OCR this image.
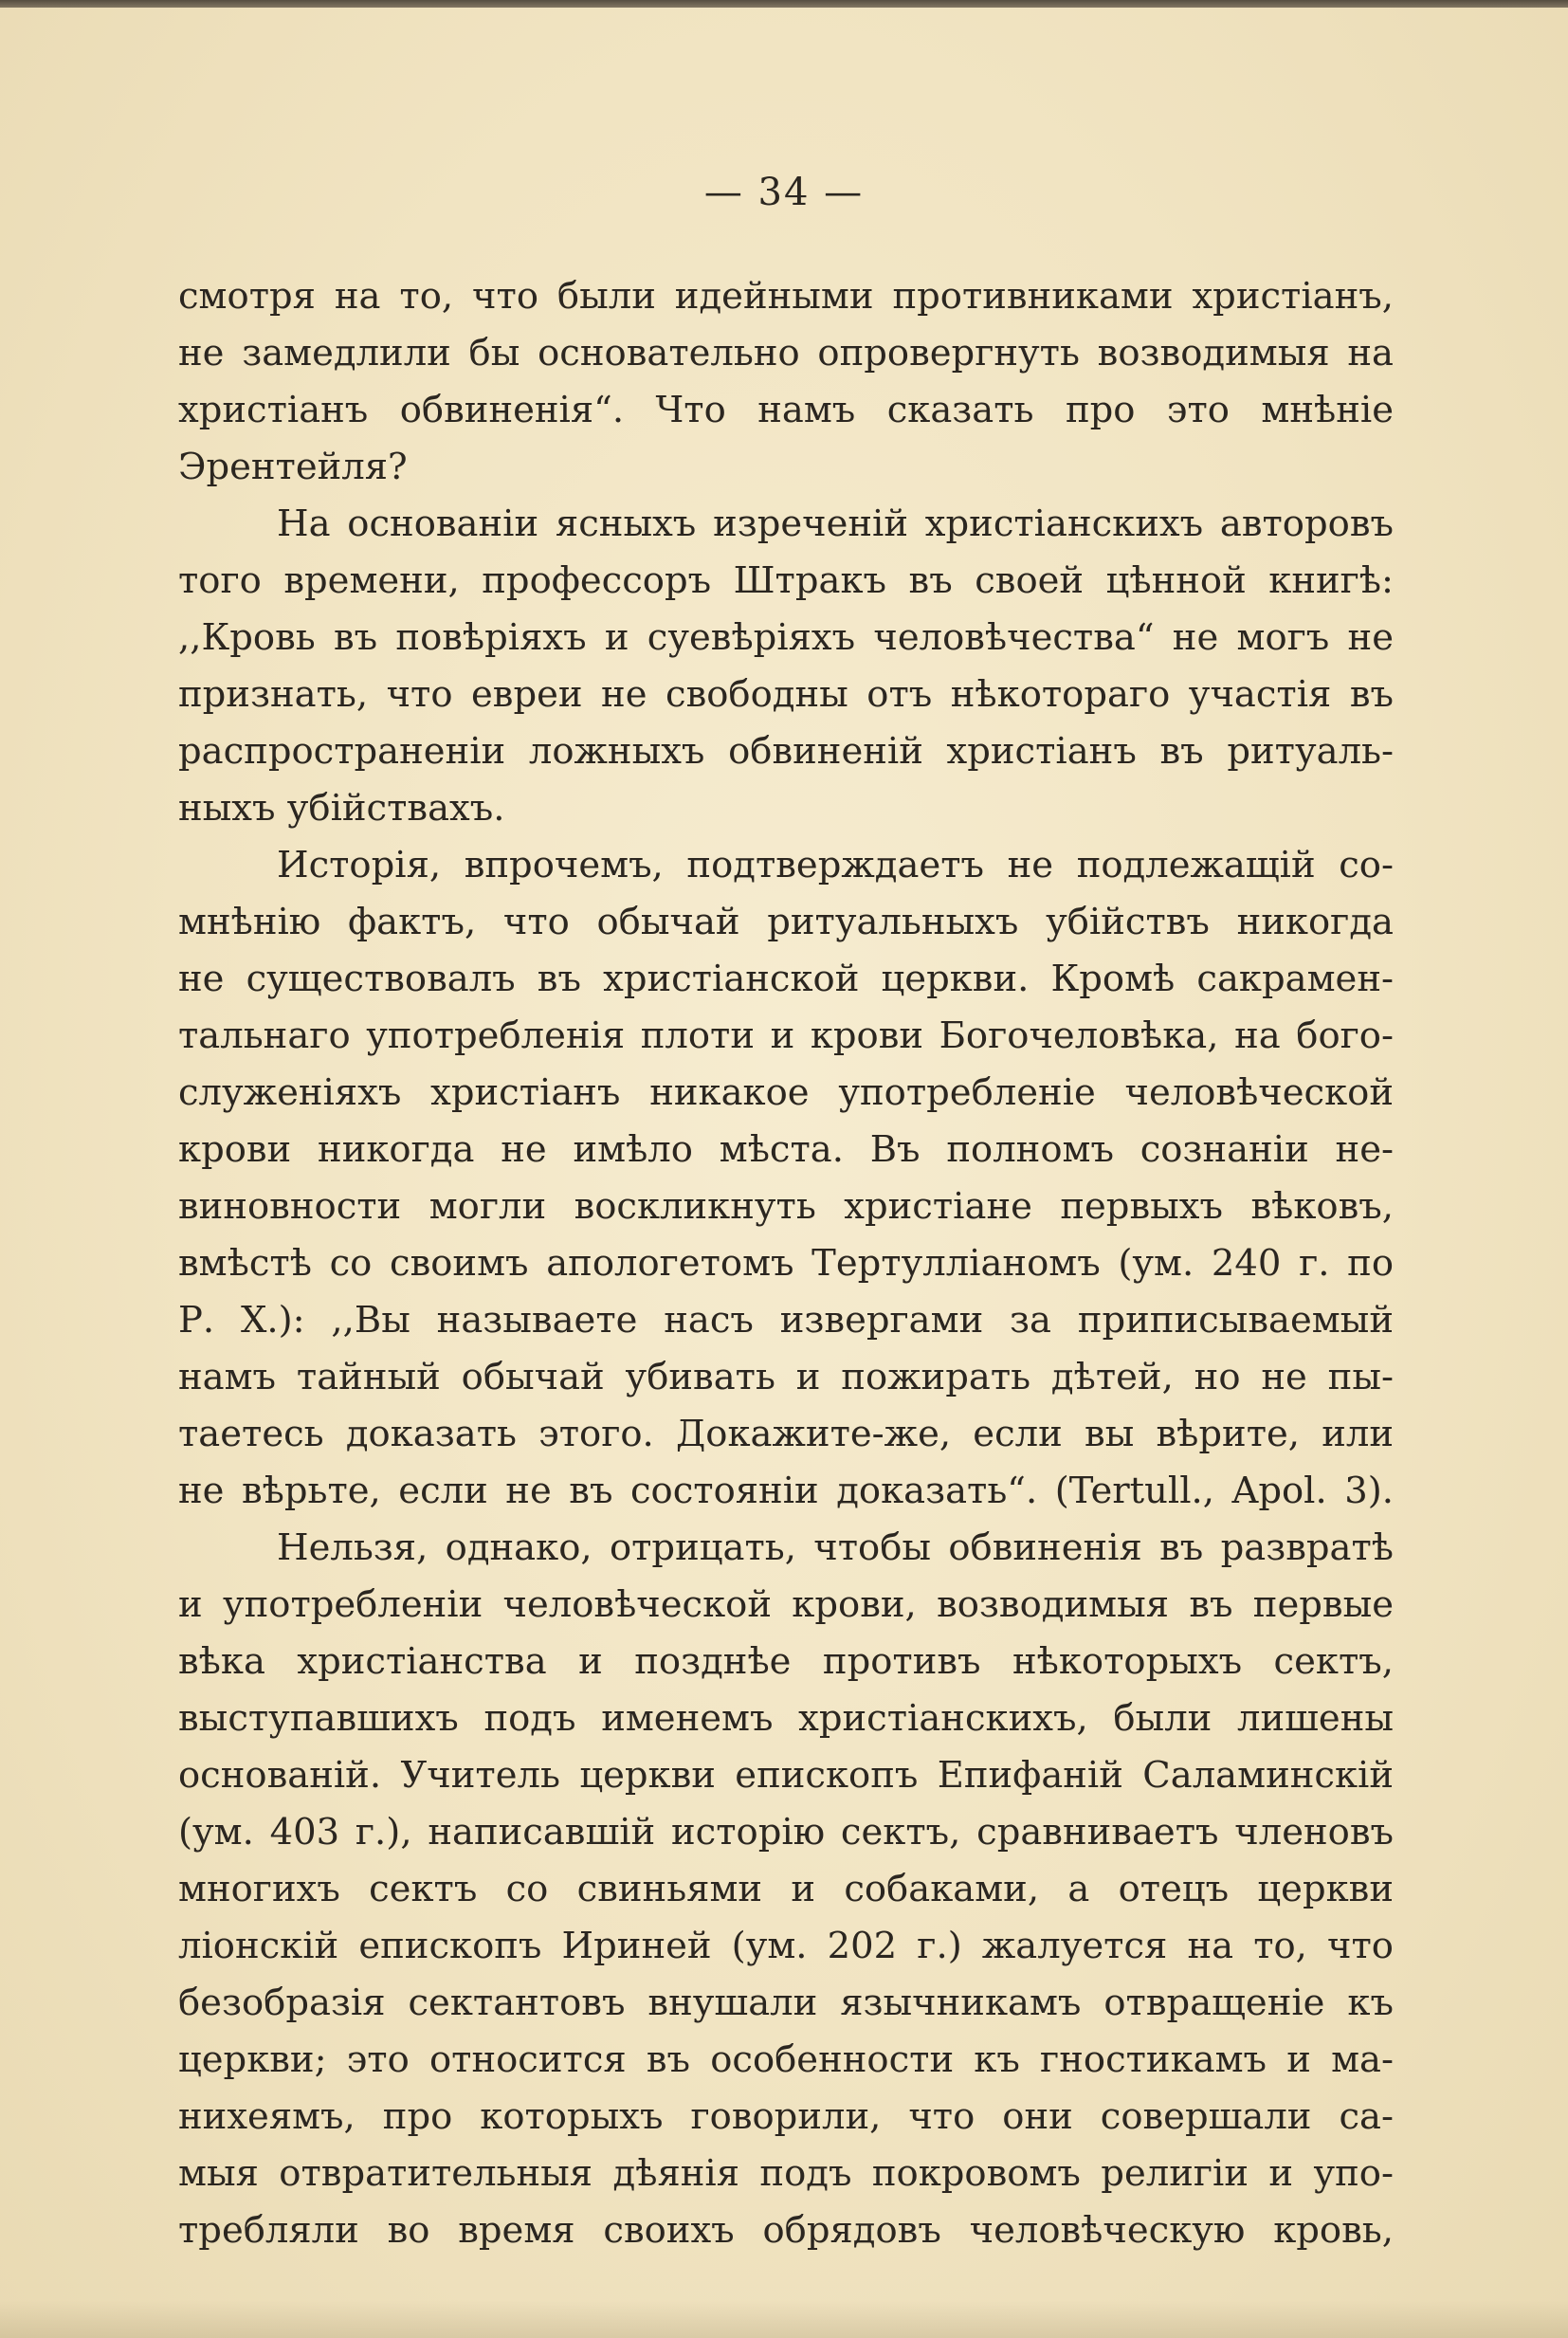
— 34 —
смотря на то, что были идейными противниками христіанъ,
не замедлили бы основательно опровергнуть возводимыя на
христіанъ обвиненія“. Что намъ сказать про это мнѣніе
Эрентейля?
На основаніи ясныхъ изреченій христіанскихъ авторовъ
того времени, профессоръ Штракъ въ своей цѣнной книгѣ:
,,Кровь въ повѣріяхъ и суевѣріяхъ человѣчества“ не могъ не
признать, что евреи не свободны отъ нѣкотораго участія въ
распространеніи ложныхъ обвиненій христіанъ въ ритуаль-
ныхъ убійствахъ.
Исторія, впрочемъ, подтверждаетъ не подлежащій со-
мнѣнію фактъ, что обычай ритуальныхъ убійствъ никогда
не существовалъ въ христіанской церкви. Кромѣ сакрамен-
тальнаго употребленія плоти и крови Богочеловѣка, на бого-
служеніяхъ христіанъ никакое употребленіе человѣческой
крови никогда не имѣло мѣста. Въ полномъ сознаніи не-
виновности могли воскликнуть христіане первыхъ вѣковъ,
вмѣстѣ со своимъ апологетомъ Тертулліаномъ (ум. 240 г. по
Р. Х.): ,,Вы называете насъ извергами за приписываемый
намъ тайный обычай убивать и пожирать дѣтей, но не пы-
таетесь доказать этого. Докажите-же, если вы вѣрите, или
не вѣрьте, если не въ состояніи доказать“. (Tertull., Apol. 3).
Нельзя, однако, отрицать, чтобы обвиненія въ развратѣ
и употребленіи человѣческой крови, возводимыя въ первые
вѣка христіанства и позднѣе противъ нѣкоторыхъ сектъ,
выступавшихъ подъ именемъ христіанскихъ, были лишены
основаній. Учитель церкви епископъ Епифаній Саламинскій
(ум. 403 г.), написавшій исторію сектъ, сравниваетъ членовъ
многихъ сектъ со свиньями и собаками, а отецъ церкви
ліонскій епископъ Ириней (ум. 202 г.) жалуется на то, что
безобразія сектантовъ внушали язычникамъ отвращеніе къ
церкви; это относится въ особенности къ гностикамъ и ма-
нихеямъ, про которыхъ говорили, что они совершали са-
мыя отвратительныя дѣянія подъ покровомъ религіи и упо-
требляли во время своихъ обрядовъ человѣческую кровь,
